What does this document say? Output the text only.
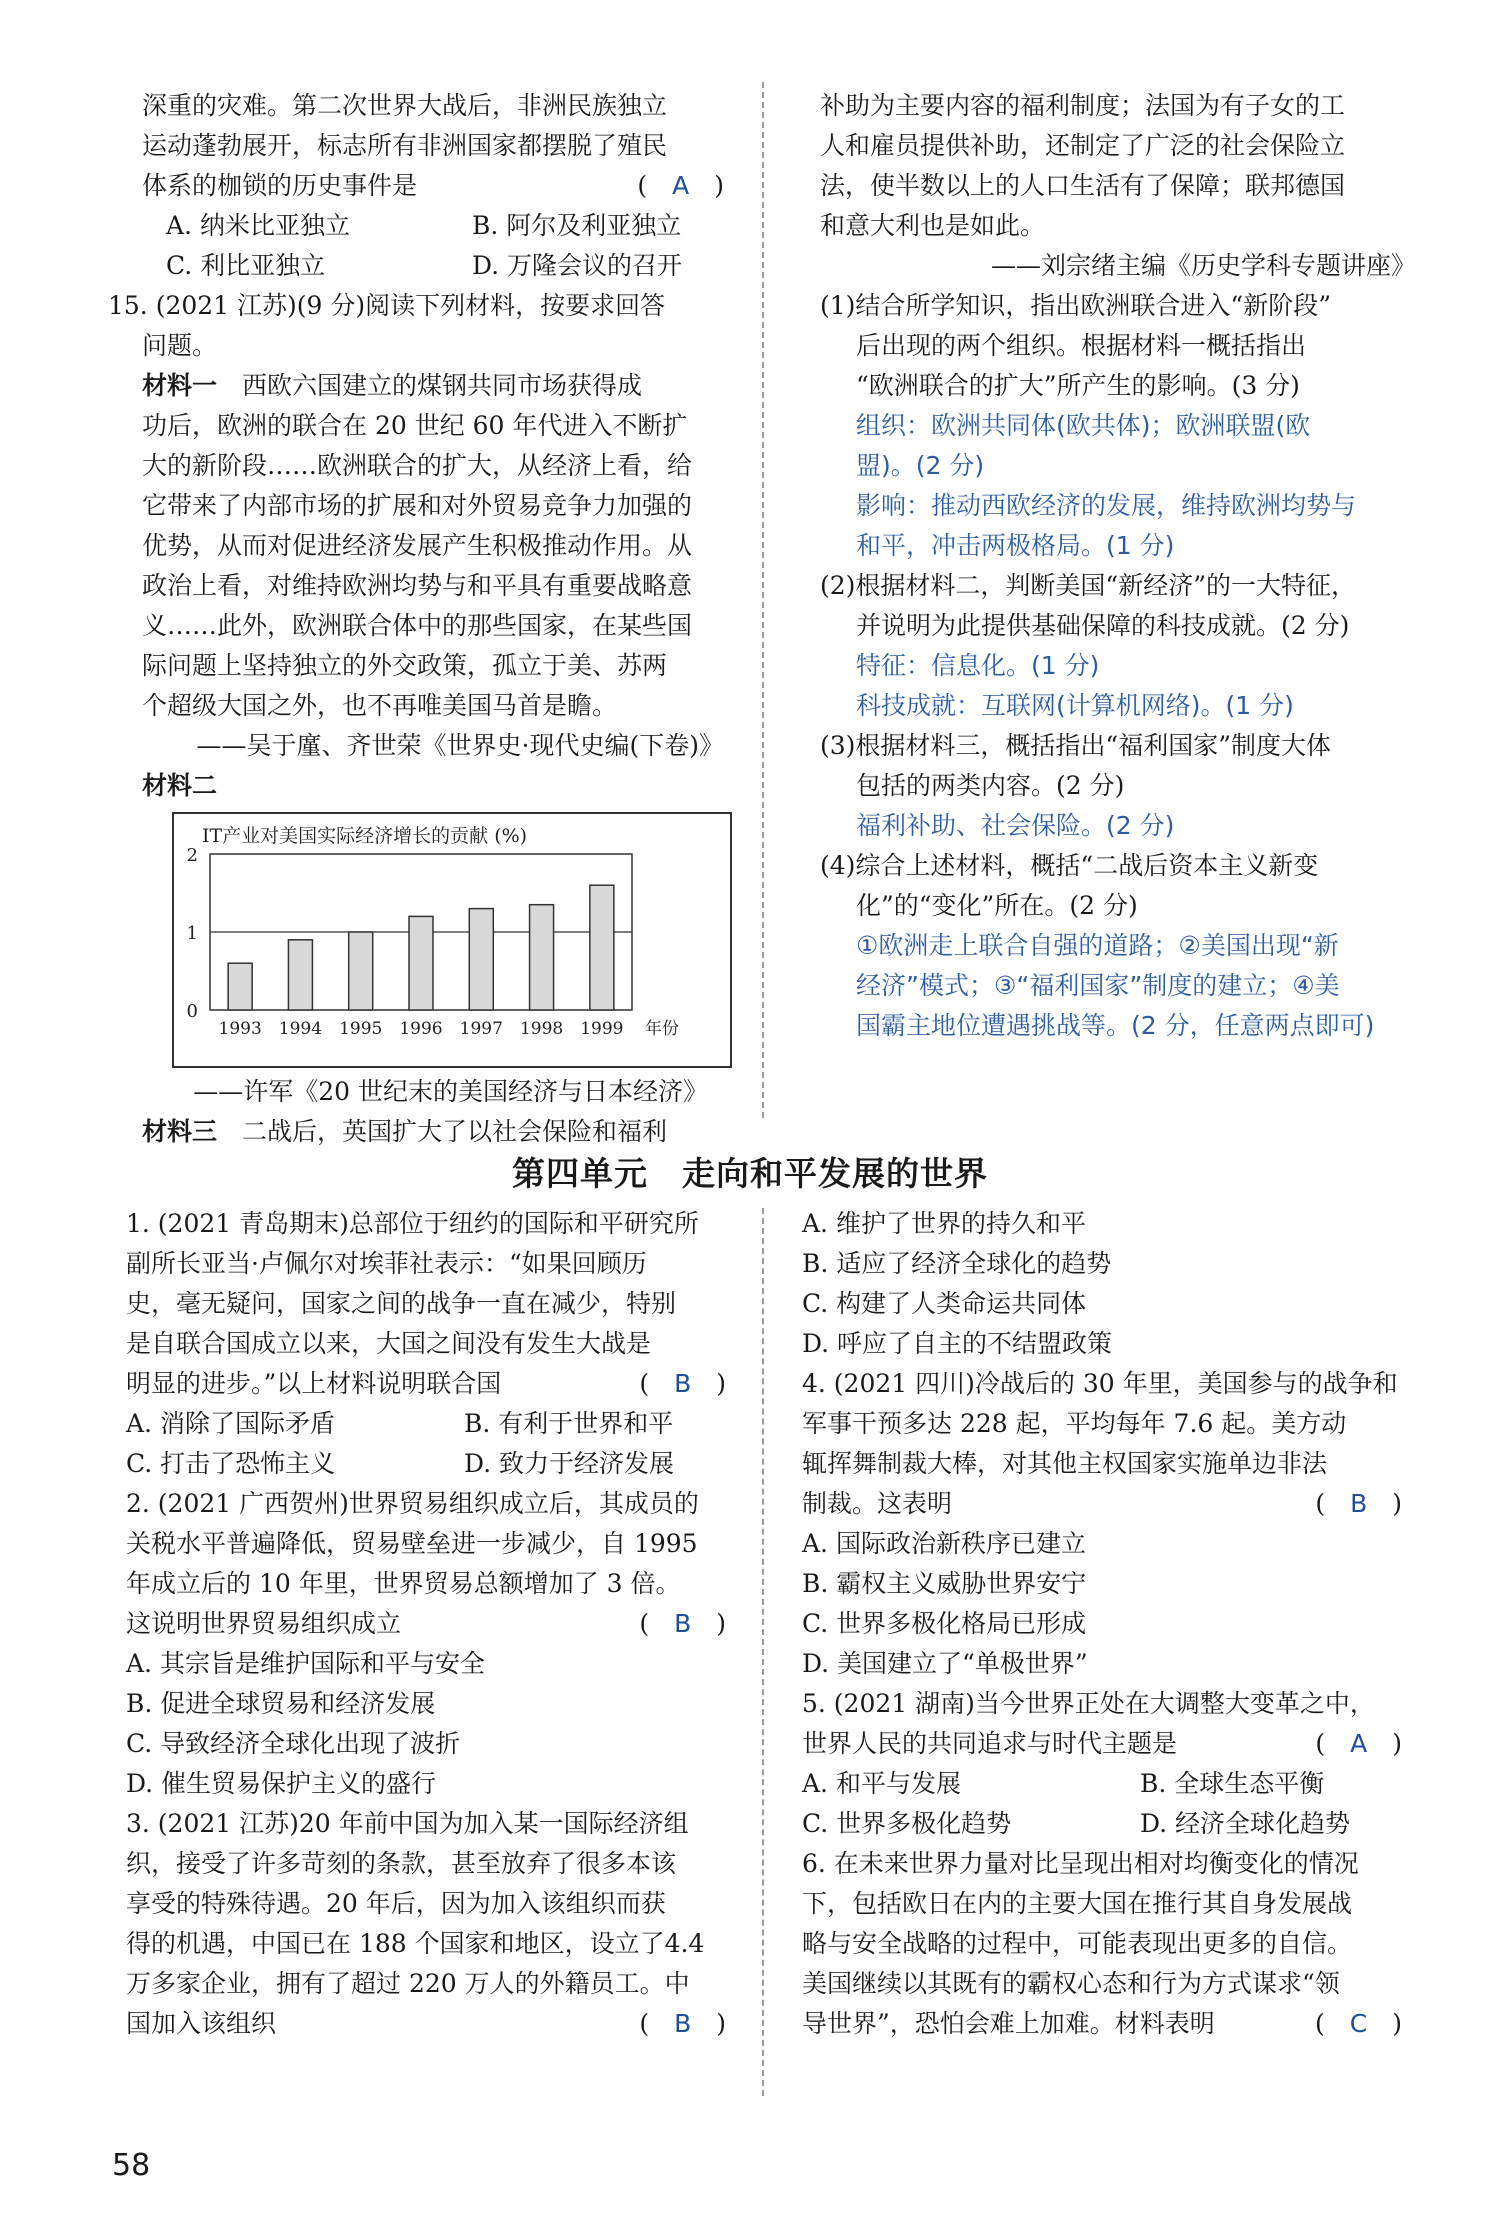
深重的灾难。第二次世界大战后，非洲民族独立
运动蓬勃展开，标志所有非洲国家都摆脱了殖民
体系的枷锁的历史事件是	( A )
A. 纳米比亚独立	B. 阿尔及利亚独立
C. 利比亚独立	D. 万隆会议的召开
15. (2021 江苏)(9 分)阅读下列材料，按要求回答
问题。
材料一  西欧六国建立的煤钢共同市场获得成
功后，欧洲的联合在 20 世纪 60 年代进入不断扩
大的新阶段……欧洲联合的扩大，从经济上看，给
它带来了内部市场的扩展和对外贸易竞争力加强的
优势，从而对促进经济发展产生积极推动作用。从
政治上看，对维持欧洲均势与和平具有重要战略意
义……此外，欧洲联合体中的那些国家，在某些国
际问题上坚持独立的外交政策，孤立于美、苏两
个超级大国之外，也不再唯美国马首是瞻。
——吴于廑、齐世荣《世界史·现代史编(下卷)》
材料二
IT产业对美国实际经济增长的贡献 (%)
0
1
2
1993 1994 1995 1996 1997 1998 1999 年份
——许军《20 世纪末的美国经济与日本经济》
材料三  二战后，英国扩大了以社会保险和福利
补助为主要内容的福利制度；法国为有子女的工
人和雇员提供补助，还制定了广泛的社会保险立
法，使半数以上的人口生活有了保障；联邦德国
和意大利也是如此。
——刘宗绪主编《历史学科专题讲座》
(1)结合所学知识，指出欧洲联合进入“新阶段”
后出现的两个组织。根据材料一概括指出
“欧洲联合的扩大”所产生的影响。(3 分)
组织：欧洲共同体(欧共体)；欧洲联盟(欧
盟)。(2 分)
影响：推动西欧经济的发展，维持欧洲均势与
和平，冲击两极格局。(1 分)
(2)根据材料二，判断美国“新经济”的一大特征，
并说明为此提供基础保障的科技成就。(2 分)
特征：信息化。(1 分)
科技成就：互联网(计算机网络)。(1 分)
(3)根据材料三，概括指出“福利国家”制度大体
包括的两类内容。(2 分)
福利补助、社会保险。(2 分)
(4)综合上述材料，概括“二战后资本主义新变
化”的“变化”所在。(2 分)
①欧洲走上联合自强的道路；②美国出现“新
经济”模式；③“福利国家”制度的建立；④美
国霸主地位遭遇挑战等。(2 分，任意两点即可)
第四单元　走向和平发展的世界
1. (2021 青岛期末)总部位于纽约的国际和平研究所
副所长亚当·卢佩尔对埃菲社表示：“如果回顾历
史，毫无疑问，国家之间的战争一直在减少，特别
是自联合国成立以来，大国之间没有发生大战是
明显的进步。”以上材料说明联合国	( B )
A. 消除了国际矛盾	B. 有利于世界和平
C. 打击了恐怖主义	D. 致力于经济发展
2. (2021 广西贺州)世界贸易组织成立后，其成员的
关税水平普遍降低，贸易壁垒进一步减少，自 1995
年成立后的 10 年里，世界贸易总额增加了 3 倍。
这说明世界贸易组织成立	( B )
A. 其宗旨是维护国际和平与安全
B. 促进全球贸易和经济发展
C. 导致经济全球化出现了波折
D. 催生贸易保护主义的盛行
3. (2021 江苏)20 年前中国为加入某一国际经济组
织，接受了许多苛刻的条款，甚至放弃了很多本该
享受的特殊待遇。20 年后，因为加入该组织而获
得的机遇，中国已在 188 个国家和地区，设立了4.4
万多家企业，拥有了超过 220 万人的外籍员工。中
国加入该组织	( B )
A. 维护了世界的持久和平
B. 适应了经济全球化的趋势
C. 构建了人类命运共同体
D. 呼应了自主的不结盟政策
4. (2021 四川)冷战后的 30 年里，美国参与的战争和
军事干预多达 228 起，平均每年 7.6 起。美方动
辄挥舞制裁大棒，对其他主权国家实施单边非法
制裁。这表明	( B )
A. 国际政治新秩序已建立
B. 霸权主义威胁世界安宁
C. 世界多极化格局已形成
D. 美国建立了“单极世界”
5. (2021 湖南)当今世界正处在大调整大变革之中，
世界人民的共同追求与时代主题是	( A )
A. 和平与发展	B. 全球生态平衡
C. 世界多极化趋势	D. 经济全球化趋势
6. 在未来世界力量对比呈现出相对均衡变化的情况
下，包括欧日在内的主要大国在推行其自身发展战
略与安全战略的过程中，可能表现出更多的自信。
美国继续以其既有的霸权心态和行为方式谋求“领
导世界”，恐怕会难上加难。材料表明	( C )
58
